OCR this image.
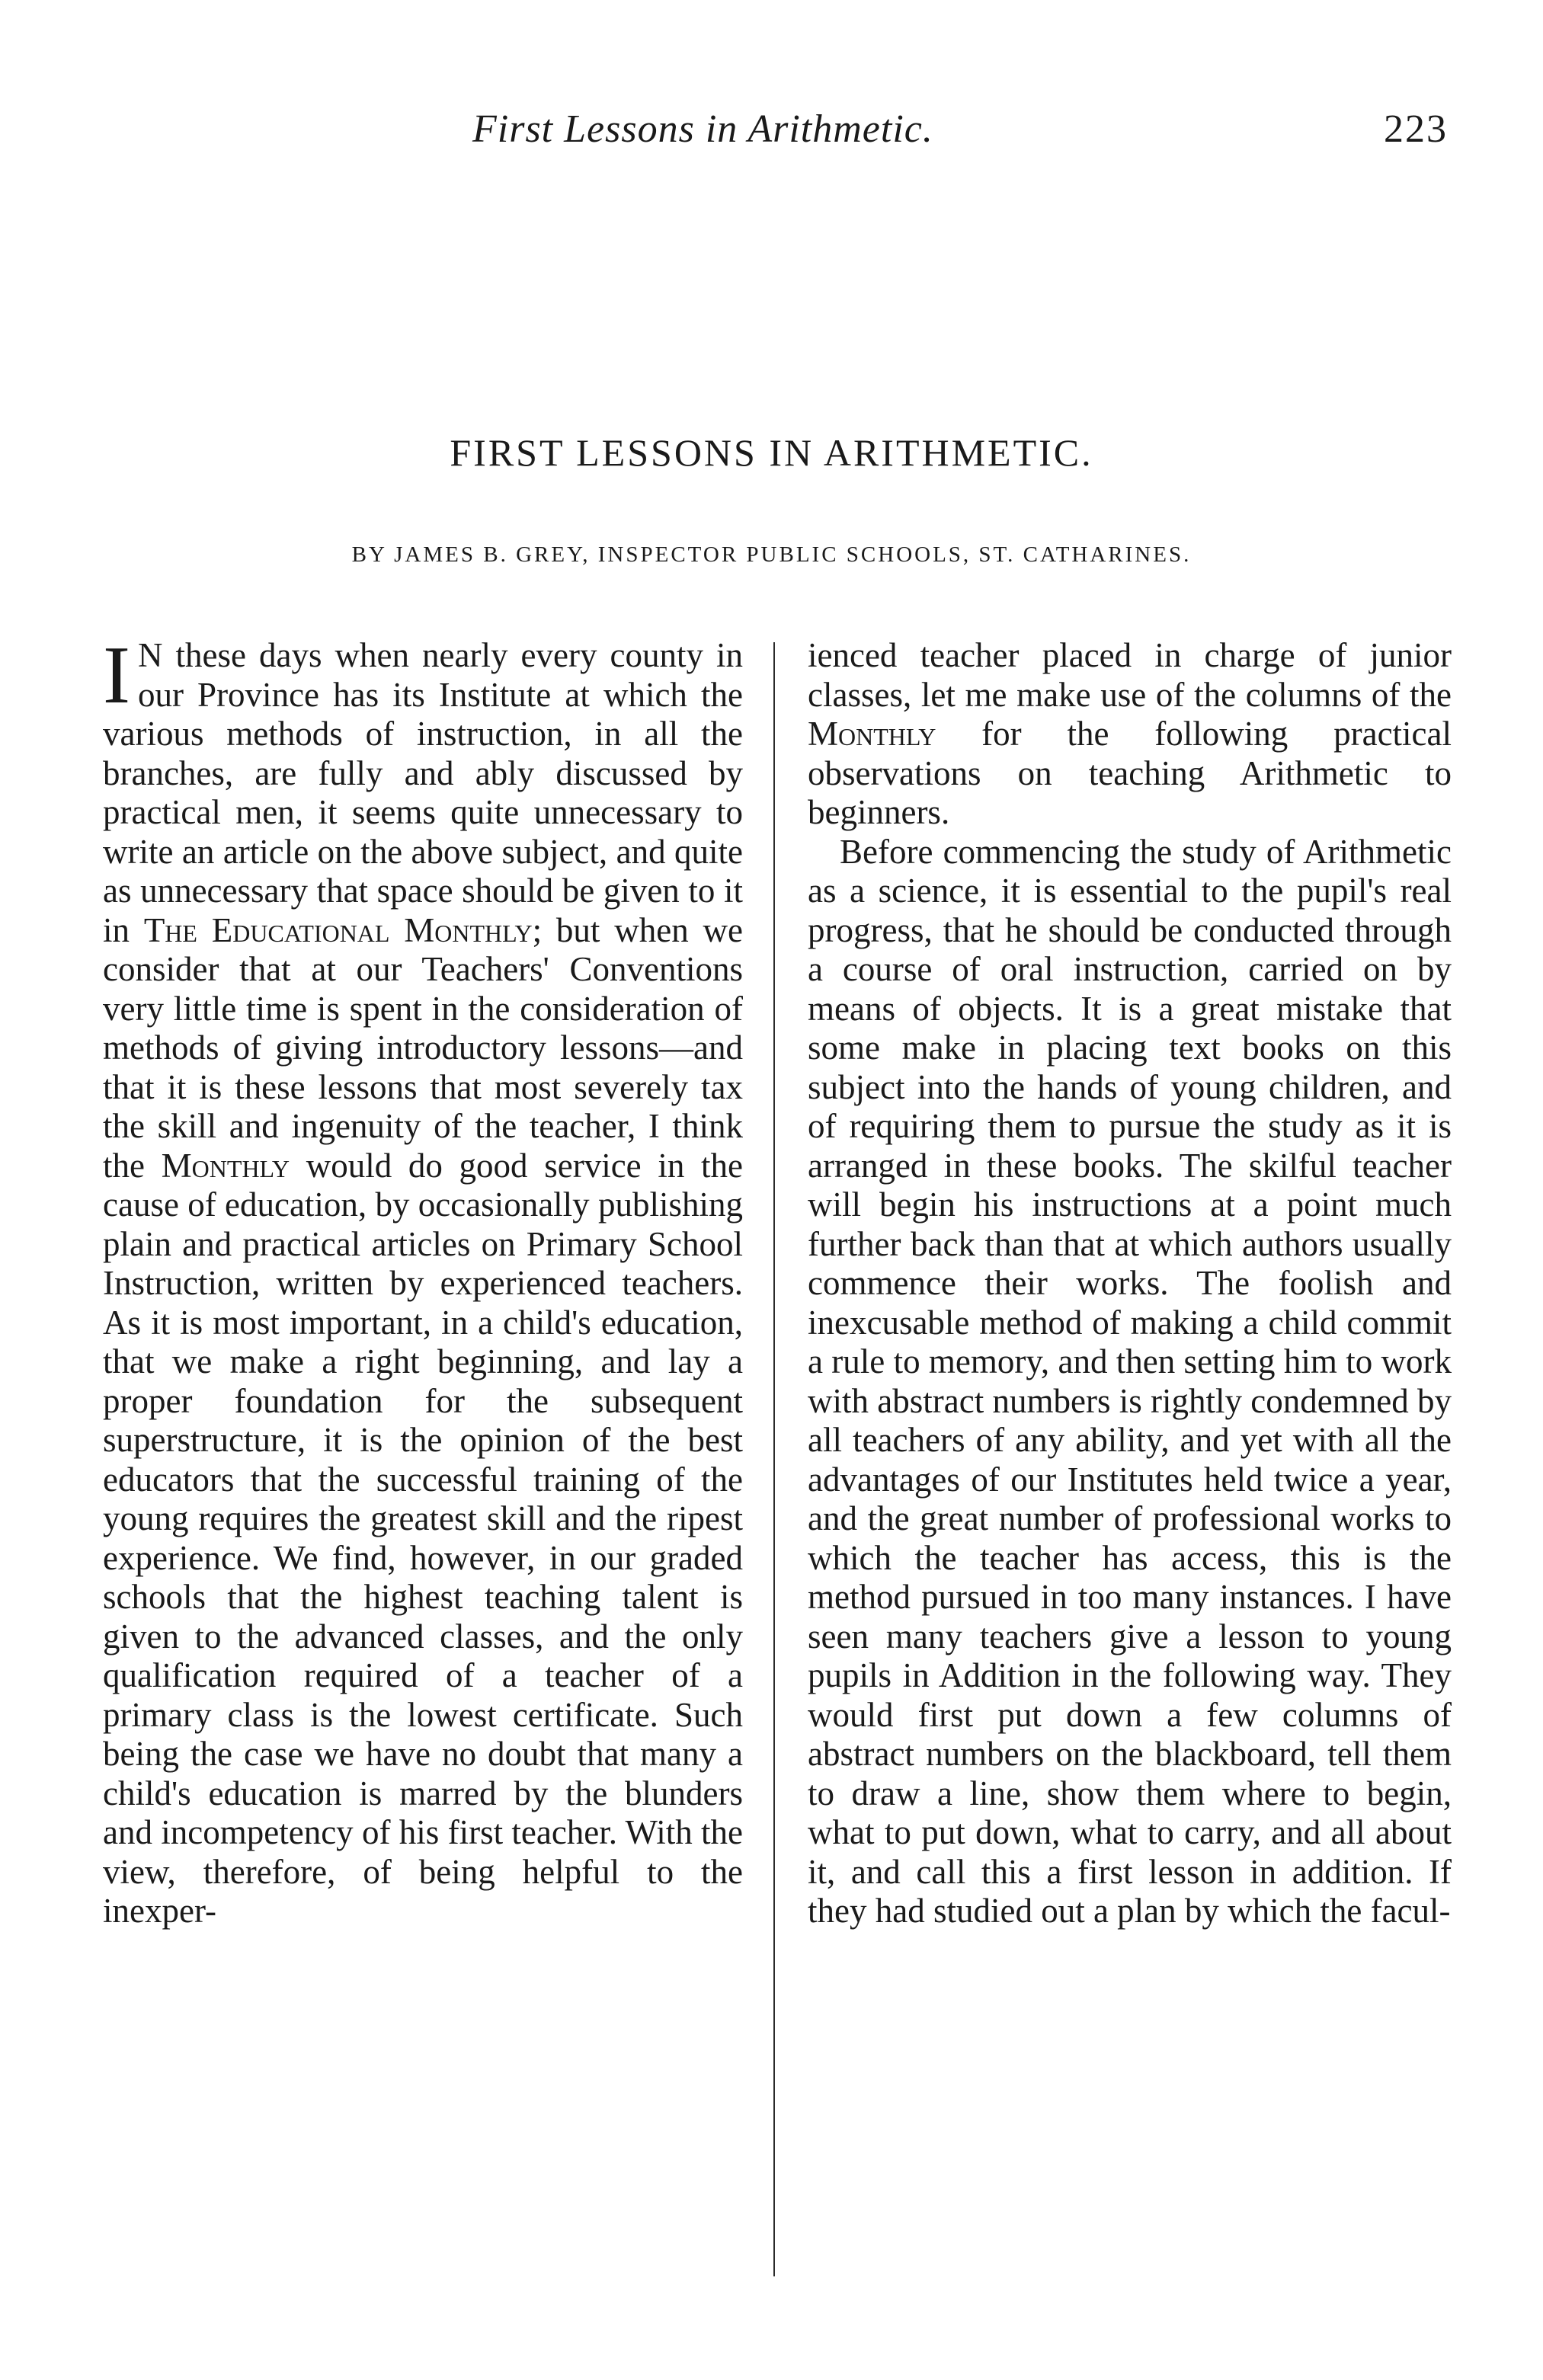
First Lessons in Arithmetic.	223
FIRST LESSONS IN ARITHMETIC.
BY JAMES B. GREY, INSPECTOR PUBLIC SCHOOLS, ST. CATHARINES.

I N these days when nearly every county in our Province has its Institute at which the various methods of instruction, in all the branches, are fully and ably discussed by practical men, it seems quite unnecessary to write an article on the above subject, and quite as unnecessary that space should be given to it in The Educational Monthly; but when we consider that at our Teachers' Conventions very little time is spent in the consideration of methods of giving introductory lessons—and that it is these lessons that most severely tax the skill and ingenuity of the teacher, I think the Monthly would do good service in the cause of education, by occasionally publishing plain and practical articles on Primary School Instruction, written by experienced teachers. As it is most important, in a child's education, that we make a right beginning, and lay a proper foundation for the subsequent superstructure, it is the opinion of the best educators that the successful training of the young requires the greatest skill and the ripest experience. We find, however, in our graded schools that the highest teaching talent is given to the advanced classes, and the only qualification required of a teacher of a primary class is the lowest certificate. Such being the case we have no doubt that many a child's education is marred by the blunders and incompetency of his first teacher. With the view, therefore, of being helpful to the inexper-

ienced teacher placed in charge of junior classes, let me make use of the columns of the Monthly for the following practical observations on teaching Arithmetic to beginners.

Before commencing the study of Arithmetic as a science, it is essential to the pupil's real progress, that he should be conducted through a course of oral instruction, carried on by means of objects. It is a great mistake that some make in placing text books on this subject into the hands of young children, and of requiring them to pursue the study as it is arranged in these books. The skilful teacher will begin his instructions at a point much further back than that at which authors usually commence their works. The foolish and inexcusable method of making a child commit a rule to memory, and then setting him to work with abstract numbers is rightly condemned by all teachers of any ability, and yet with all the advantages of our Institutes held twice a year, and the great number of professional works to which the teacher has access, this is the method pursued in too many instances. I have seen many teachers give a lesson to young pupils in Addition in the following way. They would first put down a few columns of abstract numbers on the blackboard, tell them to draw a line, show them where to begin, what to put down, what to carry, and all about it, and call this a first lesson in addition. If they had studied out a plan by which the facul-
